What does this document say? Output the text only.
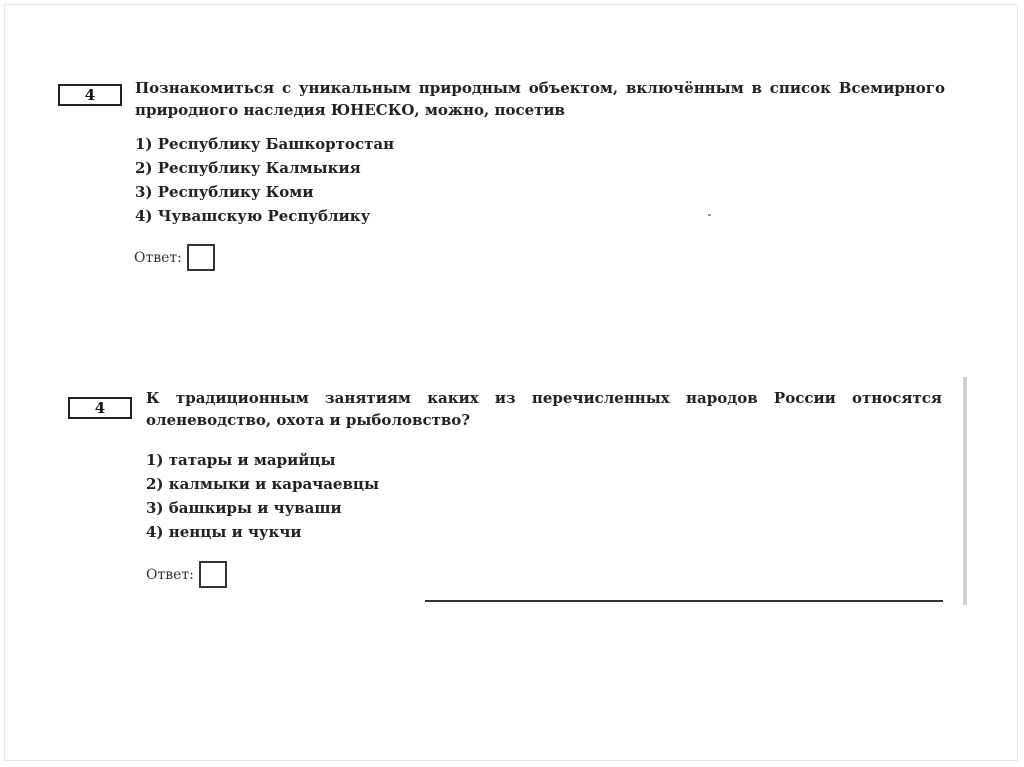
4	Познакомиться с уникальным природным объектом, включённым в список Всемирного природного наследия ЮНЕСКО, можно, посетив
1) Республику Башкортостан
2) Республику Калмыкия
3) Республику Коми
4) Чувашскую Республику
Ответ:
4
К традиционным занятиям каких из перечисленных народов России относятся оленеводство, охота и рыболовство?
1) татары и марийцы
2) калмыки и карачаевцы
3) башкиры и чуваши
4) ненцы и чукчи
Ответ:
